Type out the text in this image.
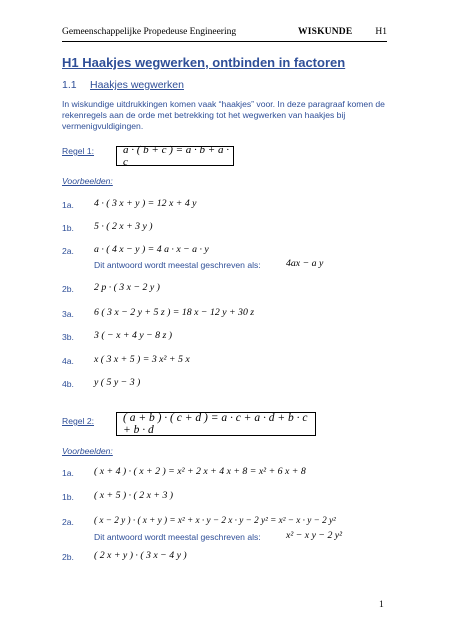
Gemeenschappelijke Propedeuse Engineering	WISKUNDE H1
H1 Haakjes wegwerken, ontbinden in factoren
1.1 Haakjes wegwerken
In wiskundige uitdrukkingen komen vaak “haakjes” voor. In deze paragraaf komen de rekenregels aan de orde met betrekking tot het wegwerken van haakjes bij vermenigvuldigingen.
Regel 1:	a · ( b + c ) = a · b + a · c
Voorbeelden:
1a. 4 · ( 3 x + y ) = 12 x + 4 y
1b. 5 · ( 2 x + 3 y )
2a. a · ( 4 x − y ) = 4 a · x − a · y
Dit antwoord wordt meestal geschreven als:	4ax − a y
2b. 2 p · ( 3 x − 2 y )
3a. 6 ( 3 x − 2 y + 5 z ) = 18 x − 12 y + 30 z
3b. 3 ( − x + 4 y − 8 z )
4a. x ( 3 x + 5 ) = 3 x² + 5 x
4b. y ( 5 y − 3 )
Regel 2:	( a + b ) · ( c + d ) = a · c + a · d + b · c + b · d
Voorbeelden:
1a. ( x + 4 ) · ( x + 2 ) = x² + 2 x + 4 x + 8 = x² + 6 x + 8
1b. ( x + 5 ) · ( 2 x + 3 )
2a. ( x − 2 y ) · ( x + y ) = x² + x · y − 2 x · y − 2 y² = x² − x · y − 2 y²
Dit antwoord wordt meestal geschreven als:	x² − x y − 2 y²
2b. ( 2 x + y ) · ( 3 x − 4 y )
1
